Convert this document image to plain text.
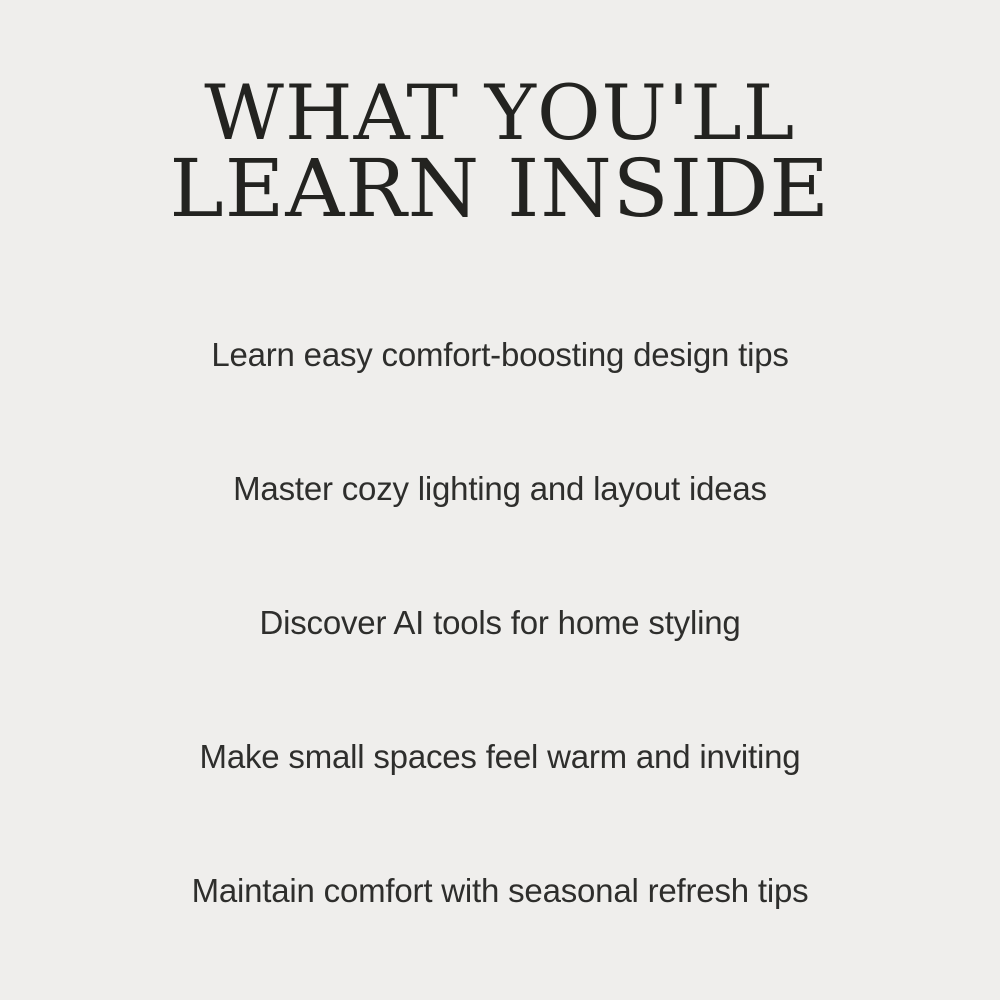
WHAT YOU'LL
LEARN INSIDE
Learn easy comfort-boosting design tips
Master cozy lighting and layout ideas
Discover AI tools for home styling
Make small spaces feel warm and inviting
Maintain comfort with seasonal refresh tips
